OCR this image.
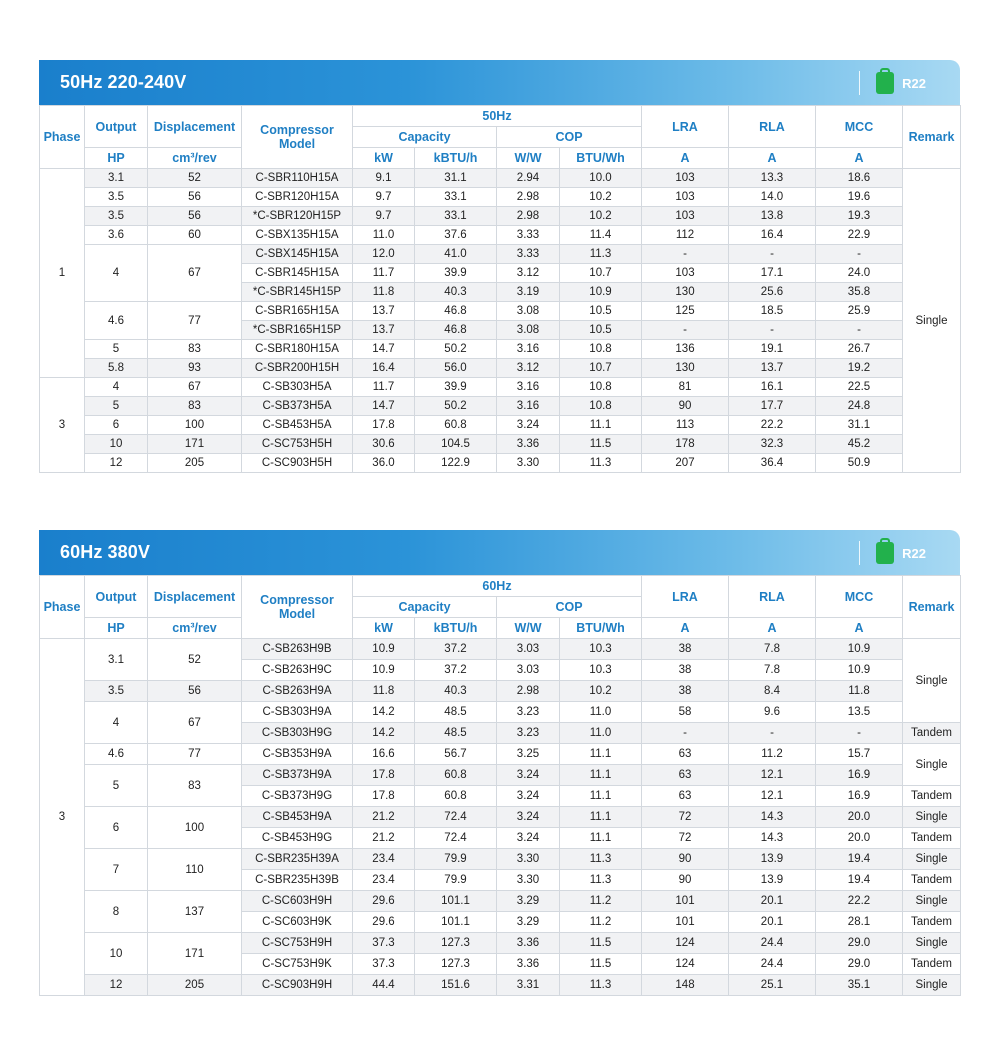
50Hz 220-240V	R22
Phase	Output	Displacement	Compressor Model	50Hz				LRA	RLA	MCC	Remark
				Capacity		COP					
	HP	cm³/rev		kW	kBTU/h	W/W	BTU/Wh	A	A	A	
1	3.1	52	C-SBR110H15A	9.1	31.1	2.94	10.0	103	13.3	18.6	Single
	3.5	56	C-SBR120H15A	9.7	33.1	2.98	10.2	103	14.0	19.6	
	3.5	56	*C-SBR120H15P	9.7	33.1	2.98	10.2	103	13.8	19.3	
	3.6	60	C-SBX135H15A	11.0	37.6	3.33	11.4	112	16.4	22.9	
	4	67	C-SBX145H15A	12.0	41.0	3.33	11.3	-	-	-	
			C-SBR145H15A	11.7	39.9	3.12	10.7	103	17.1	24.0	
			*C-SBR145H15P	11.8	40.3	3.19	10.9	130	25.6	35.8	
	4.6	77	C-SBR165H15A	13.7	46.8	3.08	10.5	125	18.5	25.9	
			*C-SBR165H15P	13.7	46.8	3.08	10.5	-	-	-	
	5	83	C-SBR180H15A	14.7	50.2	3.16	10.8	136	19.1	26.7	
	5.8	93	C-SBR200H15H	16.4	56.0	3.12	10.7	130	13.7	19.2	
3	4	67	C-SB303H5A	11.7	39.9	3.16	10.8	81	16.1	22.5	
	5	83	C-SB373H5A	14.7	50.2	3.16	10.8	90	17.7	24.8	
	6	100	C-SB453H5A	17.8	60.8	3.24	11.1	113	22.2	31.1	
	10	171	C-SC753H5H	30.6	104.5	3.36	11.5	178	32.3	45.2	
	12	205	C-SC903H5H	36.0	122.9	3.30	11.3	207	36.4	50.9	
60Hz 380V	R22
Phase	Output	Displacement	Compressor Model	60Hz				LRA	RLA	MCC	Remark
				Capacity		COP					
	HP	cm³/rev		kW	kBTU/h	W/W	BTU/Wh	A	A	A	
3	3.1	52	C-SB263H9B	10.9	37.2	3.03	10.3	38	7.8	10.9	Single
			C-SB263H9C	10.9	37.2	3.03	10.3	38	7.8	10.9	
	3.5	56	C-SB263H9A	11.8	40.3	2.98	10.2	38	8.4	11.8	
	4	67	C-SB303H9A	14.2	48.5	3.23	11.0	58	9.6	13.5	
			C-SB303H9G	14.2	48.5	3.23	11.0	-	-	-	Tandem
	4.6	77	C-SB353H9A	16.6	56.7	3.25	11.1	63	11.2	15.7	Single
	5	83	C-SB373H9A	17.8	60.8	3.24	11.1	63	12.1	16.9	
			C-SB373H9G	17.8	60.8	3.24	11.1	63	12.1	16.9	Tandem
	6	100	C-SB453H9A	21.2	72.4	3.24	11.1	72	14.3	20.0	Single
			C-SB453H9G	21.2	72.4	3.24	11.1	72	14.3	20.0	Tandem
	7	110	C-SBR235H39A	23.4	79.9	3.30	11.3	90	13.9	19.4	Single
			C-SBR235H39B	23.4	79.9	3.30	11.3	90	13.9	19.4	Tandem
	8	137	C-SC603H9H	29.6	101.1	3.29	11.2	101	20.1	22.2	Single
			C-SC603H9K	29.6	101.1	3.29	11.2	101	20.1	28.1	Tandem
	10	171	C-SC753H9H	37.3	127.3	3.36	11.5	124	24.4	29.0	Single
			C-SC753H9K	37.3	127.3	3.36	11.5	124	24.4	29.0	Tandem
	12	205	C-SC903H9H	44.4	151.6	3.31	11.3	148	25.1	35.1	Single
